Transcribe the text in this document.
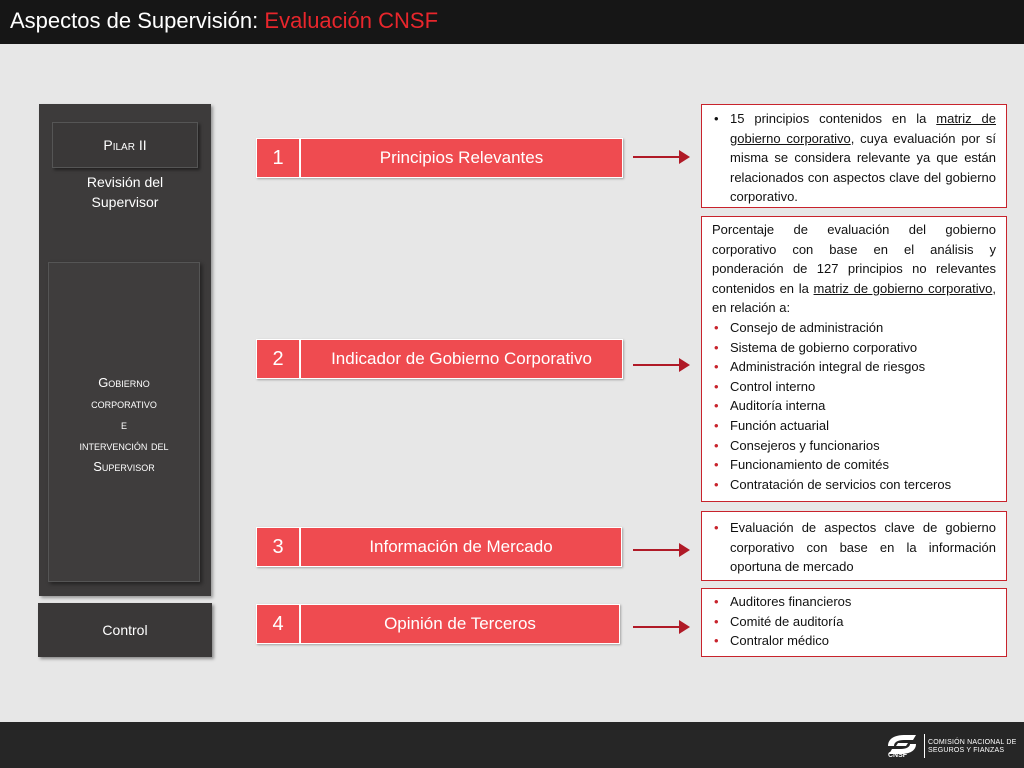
Aspectos de Supervisión: Evaluación CNSF
Pilar II
Revisión del
Supervisor
Gobierno
corporativo
e
intervención del
Supervisor
Control
1	Principios Relevantes
2	Indicador de Gobierno Corporativo
3	Información de Mercado
4	Opinión de Terceros
• 15 principios contenidos en la matriz de gobierno corporativo, cuya evaluación por sí misma se considera relevante ya que están relacionados con aspectos clave del gobierno corporativo.

Porcentaje de evaluación del gobierno corporativo con base en el análisis y ponderación de 127 principios no relevantes contenidos en la matriz de gobierno corporativo, en relación a:

• Consejo de administración
• Sistema de gobierno corporativo
• Administración integral de riesgos
• Control interno
• Auditoría interna
• Función actuarial
• Consejeros y funcionarios
• Funcionamiento de comités
• Contratación de servicios con terceros
• Evaluación de aspectos clave de gobierno corporativo con base en la información oportuna de mercado
• Auditores financieros
• Comité de auditoría
• Contralor médico
CNSF
COMISIÓN NACIONAL DE
SEGUROS Y FIANZAS
